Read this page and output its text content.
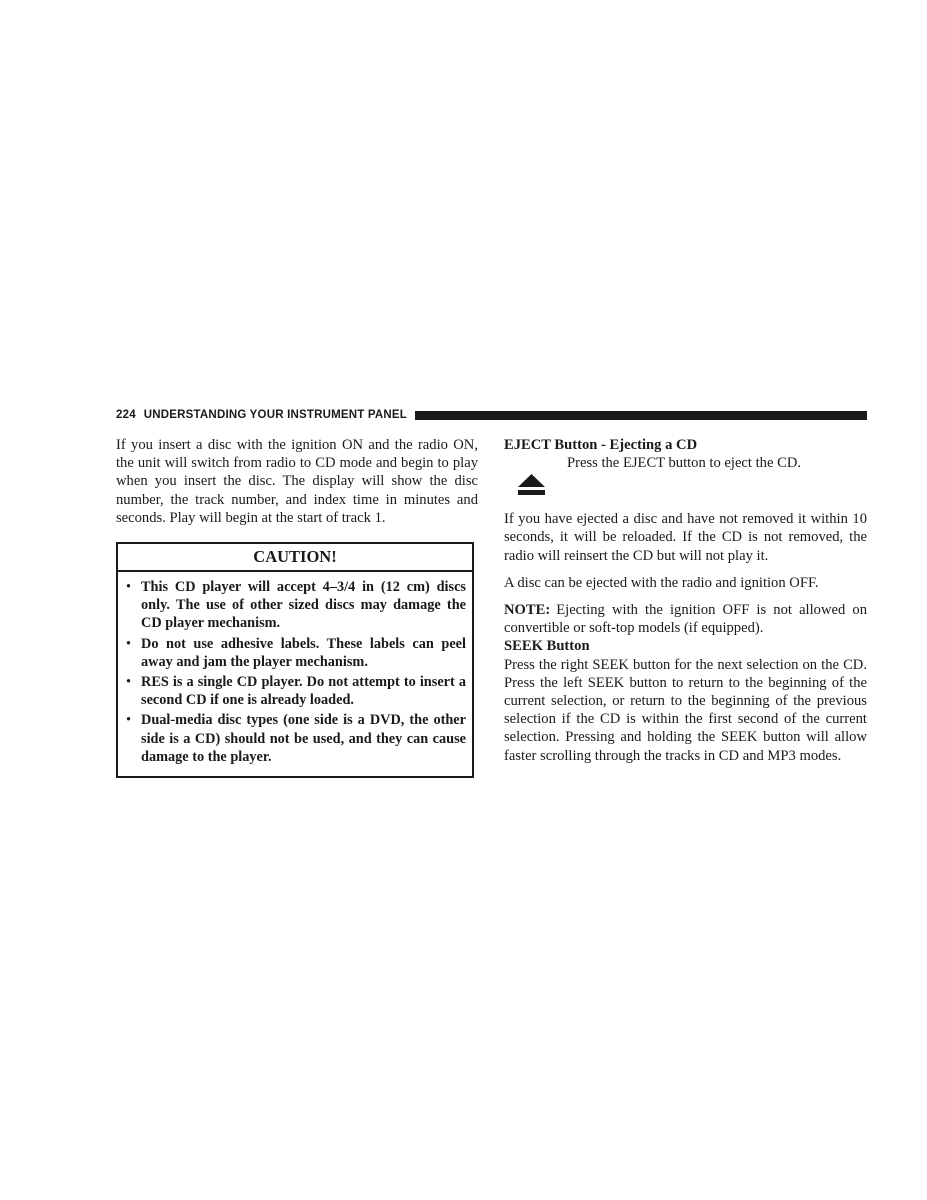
224 UNDERSTANDING YOUR INSTRUMENT PANEL

If you insert a disc with the ignition ON and the radio ON, the unit will switch from radio to CD mode and begin to play when you insert the disc. The display will show the disc number, the track number, and index time in minutes and seconds. Play will begin at the start of track 1.

CAUTION!
• This CD player will accept 4–3/4 in (12 cm) discs only. The use of other sized discs may damage the CD player mechanism.
• Do not use adhesive labels. These labels can peel away and jam the player mechanism.
• RES is a single CD player. Do not attempt to insert a second CD if one is already loaded.
• Dual-media disc types (one side is a DVD, the other side is a CD) should not be used, and they can cause damage to the player.
EJECT Button - Ejecting a CD
Press the EJECT button to eject the CD.

If you have ejected a disc and have not removed it within 10 seconds, it will be reloaded. If the CD is not removed, the radio will reinsert the CD but will not play it.

A disc can be ejected with the radio and ignition OFF.

NOTE: Ejecting with the ignition OFF is not allowed on convertible or soft-top models (if equipped).

SEEK Button

Press the right SEEK button for the next selection on the CD. Press the left SEEK button to return to the beginning of the current selection, or return to the beginning of the previous selection if the CD is within the first second of the current selection. Pressing and holding the SEEK button will allow faster scrolling through the tracks in CD and MP3 modes.
